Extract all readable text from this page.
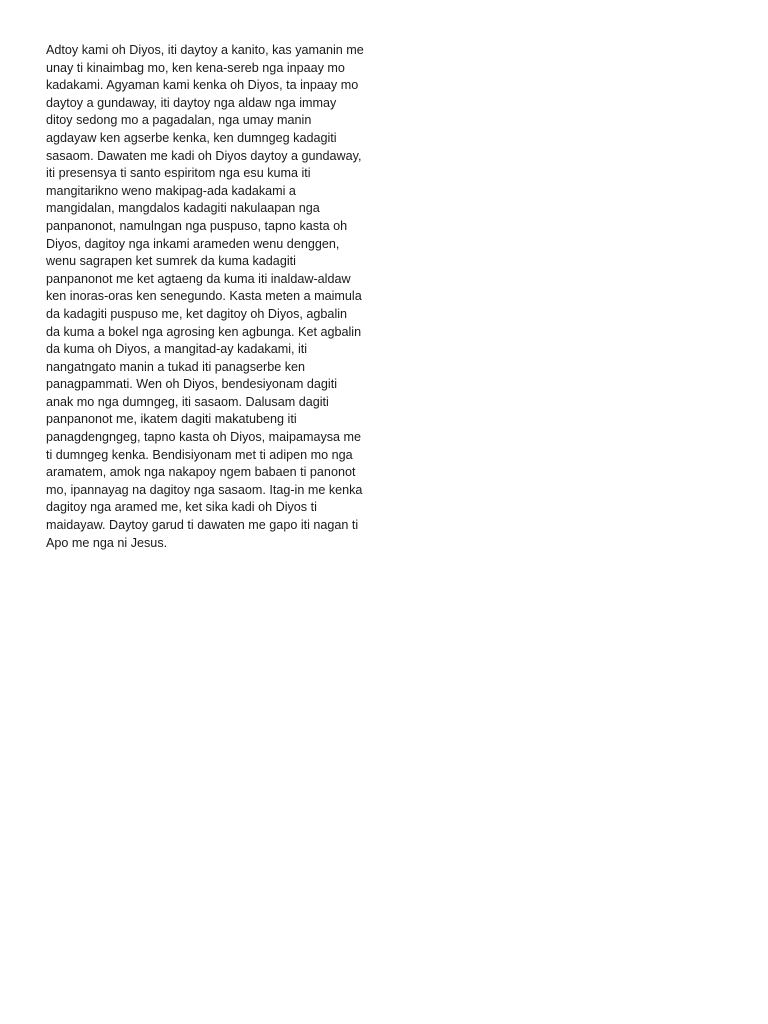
Adtoy kami oh Diyos, iti daytoy a kanito, kas yamanin me unay ti kinaimbag mo, ken kena-sereb nga inpaay mo kadakami. Agyaman kami kenka oh Diyos, ta inpaay mo daytoy a gundaway, iti daytoy nga aldaw nga immay ditoy sedong mo a pagadalan, nga umay manin agdayaw ken agserbe kenka, ken dumngeg kadagiti sasaom. Dawaten me kadi oh Diyos daytoy a gundaway, iti presensya ti santo espiritom nga esu kuma iti mangitarikno weno makipag-ada kadakami a mangidalan, mangdalos kadagiti nakulaapan nga panpanonot, namulngan nga puspuso, tapno kasta oh Diyos, dagitoy nga inkami arameden wenu denggen, wenu sagrapen ket sumrek da kuma kadagiti panpanonot me ket agtaeng da kuma iti inaldaw-aldaw ken inoras-oras ken senegundo. Kasta meten a maimula da kadagiti puspuso me, ket dagitoy oh Diyos, agbalin da kuma a bokel nga agrosing ken agbunga. Ket agbalin da kuma oh Diyos, a mangitad-ay kadakami, iti nangatngato manin a tukad iti panagserbe ken panagpammati. Wen oh Diyos, bendesiyonam dagiti anak mo nga dumngeg, iti sasaom. Dalusam dagiti panpanonot me, ikatem dagiti makatubeng iti panagdengngeg, tapno kasta oh Diyos, maipamaysa me ti dumngeg kenka. Bendisiyonam met ti adipen mo nga aramatem, amok nga nakapoy ngem babaen ti panonot mo, ipannayag na dagitoy nga sasaom. Itag-in me kenka dagitoy nga aramed me, ket sika kadi oh Diyos ti maidayaw. Daytoy garud ti dawaten me gapo iti nagan ti Apo me nga ni Jesus.
